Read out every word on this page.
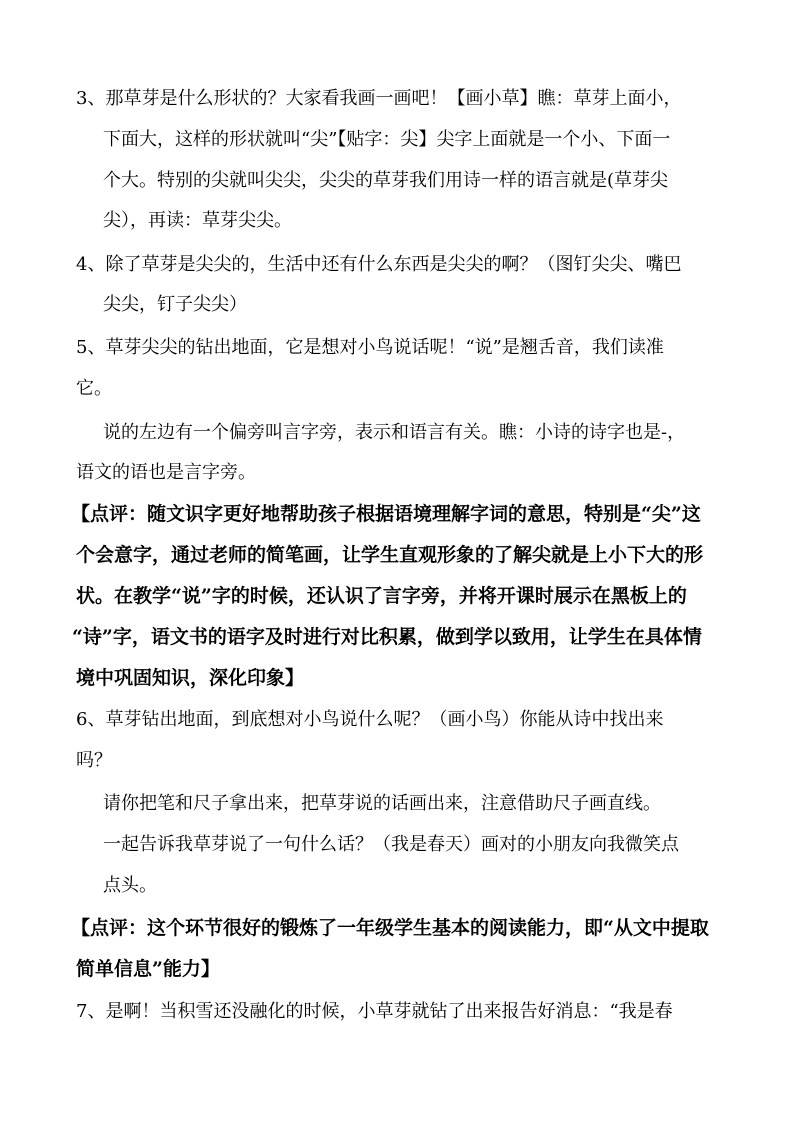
3、那草芽是什么形状的？大家看我画一画吧！【画小草】瞧：草芽上面小，
下面大，这样的形状就叫“尖”【贴字：尖】尖字上面就是一个小、下面一
个大。特别的尖就叫尖尖，尖尖的草芽我们用诗一样的语言就是(草芽尖
尖），再读：草芽尖尖。
4、除了草芽是尖尖的，生活中还有什么东西是尖尖的啊？（图钉尖尖、嘴巴
尖尖，钉子尖尖）
5、草芽尖尖的钻出地面，它是想对小鸟说话呢！“说”是翘舌音，我们读准
它。
说的左边有一个偏旁叫言字旁，表示和语言有关。瞧：小诗的诗字也是-，
语文的语也是言字旁。
【点评：随文识字更好地帮助孩子根据语境理解字词的意思，特别是“尖”这
个会意字，通过老师的简笔画，让学生直观形象的了解尖就是上小下大的形
状。在教学“说”字的时候，还认识了言字旁，并将开课时展示在黑板上的
“诗”字，语文书的语字及时进行对比积累，做到学以致用，让学生在具体情
境中巩固知识，深化印象】
6、草芽钻出地面，到底想对小鸟说什么呢？（画小鸟）你能从诗中找出来
吗？
请你把笔和尺子拿出来，把草芽说的话画出来，注意借助尺子画直线。
一起告诉我草芽说了一句什么话？（我是春天）画对的小朋友向我微笑点
点头。
【点评：这个环节很好的锻炼了一年级学生基本的阅读能力，即“从文中提取
简单信息”能力】
7、是啊！当积雪还没融化的时候，小草芽就钻了出来报告好消息：“我是春
